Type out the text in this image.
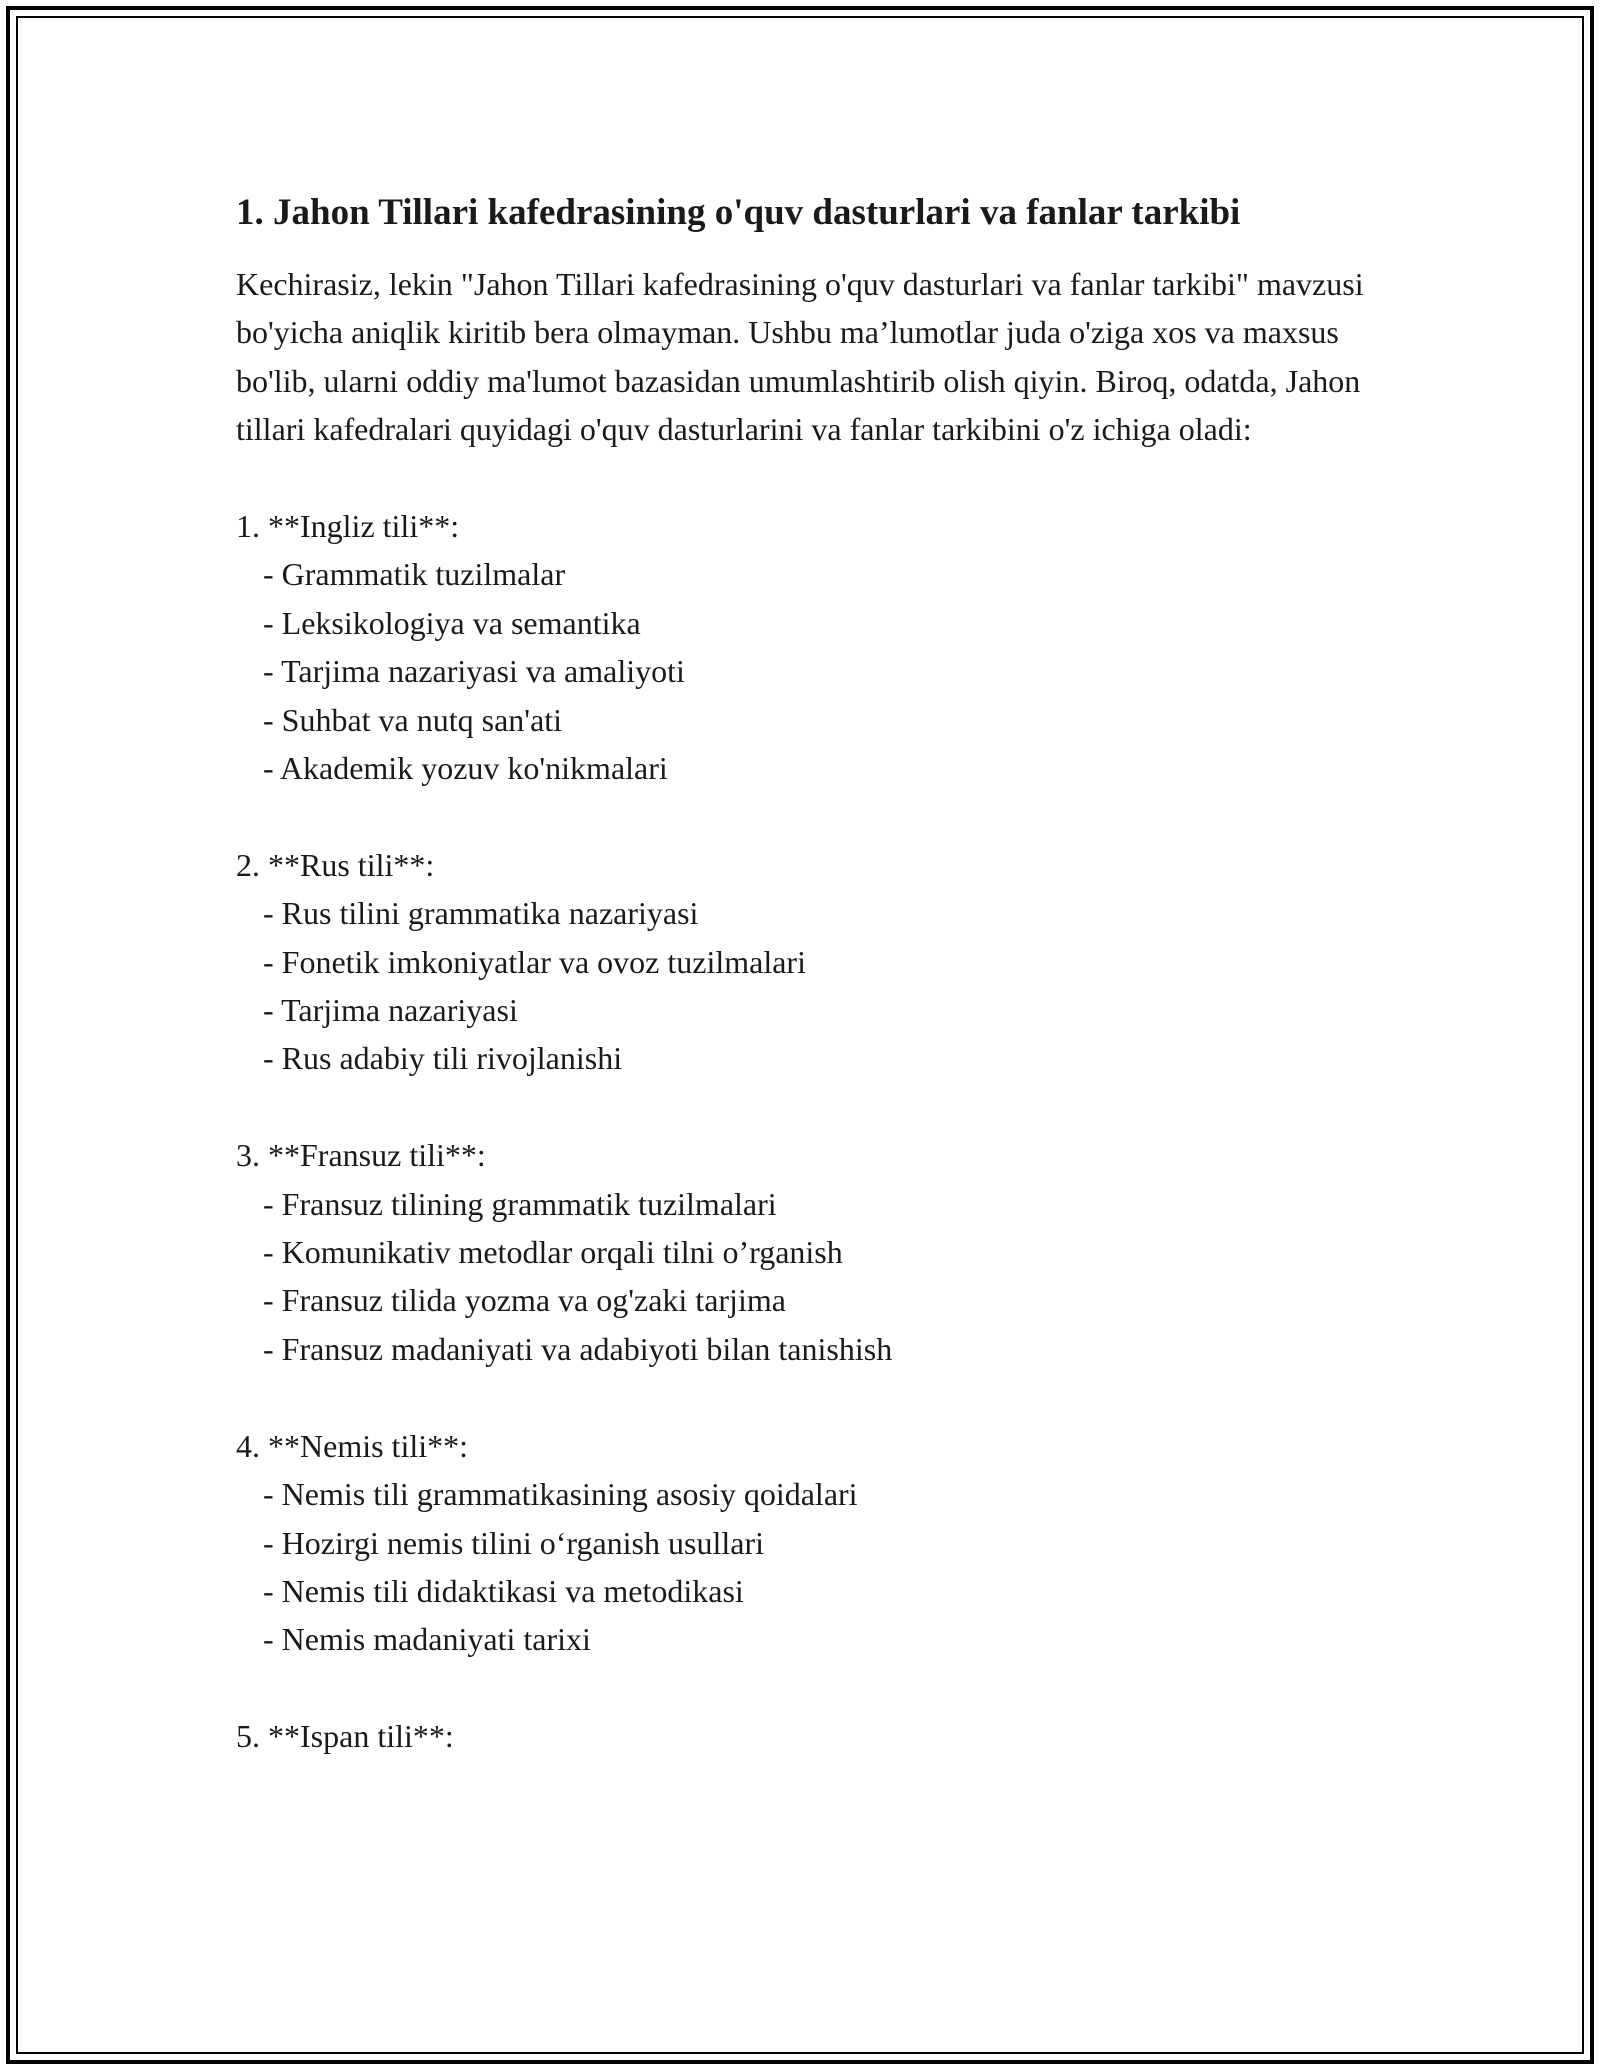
1. Jahon Tillari kafedrasining o'quv dasturlari va fanlar tarkibi

Kechirasiz, lekin "Jahon Tillari kafedrasining o'quv dasturlari va fanlar tarkibi" mavzusi bo'yicha aniqlik kiritib bera olmayman. Ushbu ma’lumotlar juda o'ziga xos va maxsus bo'lib, ularni oddiy ma'lumot bazasidan umumlashtirib olish qiyin. Biroq, odatda, Jahon tillari kafedralari quyidagi o'quv dasturlarini va fanlar tarkibini o'z ichiga oladi:

1. **Ingliz tili**:

- Grammatik tuzilmalar

- Leksikologiya va semantika

- Tarjima nazariyasi va amaliyoti

- Suhbat va nutq san'ati

- Akademik yozuv ko'nikmalari

2. **Rus tili**:

- Rus tilini grammatika nazariyasi

- Fonetik imkoniyatlar va ovoz tuzilmalari

- Tarjima nazariyasi

- Rus adabiy tili rivojlanishi

3. **Fransuz tili**:

- Fransuz tilining grammatik tuzilmalari

- Komunikativ metodlar orqali tilni o’rganish

- Fransuz tilida yozma va og'zaki tarjima

- Fransuz madaniyati va adabiyoti bilan tanishish

4. **Nemis tili**:

- Nemis tili grammatikasining asosiy qoidalari

- Hozirgi nemis tilini o‘rganish usullari

- Nemis tili didaktikasi va metodikasi

- Nemis madaniyati tarixi

5. **Ispan tili**:
